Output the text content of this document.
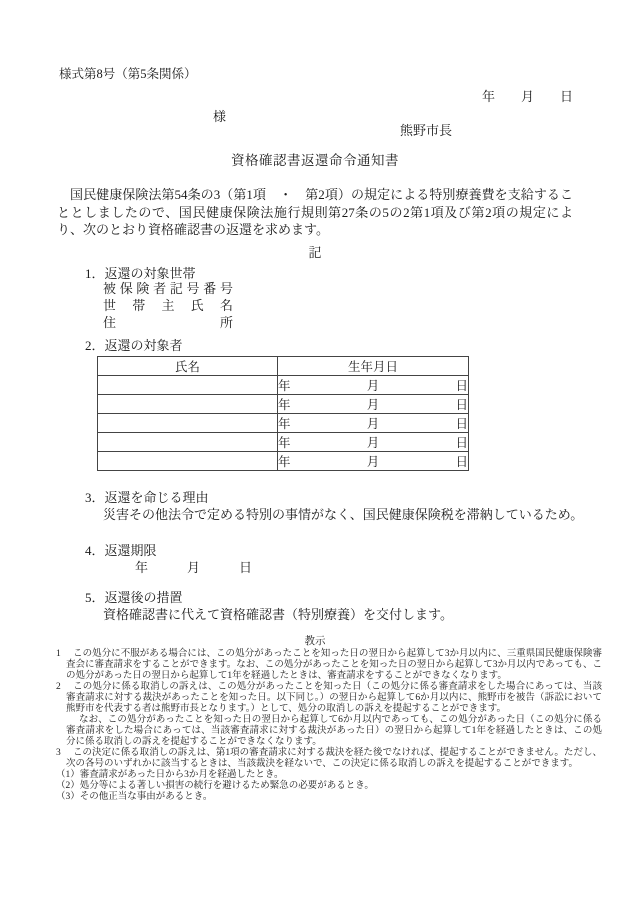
様式第8号（第5条関係）
年　　月　　日
様
熊野市長
資格確認書返還命令通知書
国民健康保険法第54条の3（第1項　・　第2項）の規定による特別療養費を支給することとしましたので、国民健康保険法施行規則第27条の5の2第1項及び第2項の規定により、次のとおり資格確認書の返還を求めます。
記
1．返還の対象世帯
被保険者記号番号
世帯主氏名
住所
2．返還の対象者
氏名	生年月日

	年 月 日

	年 月 日

	年 月 日

	年 月 日

	年 月 日
3．返還を命じる理由
災害その他法令で定める特別の事情がなく、国民健康保険税を滞納しているため。
4．返還期限
年　　　月　　　日
5．返還後の措置
資格確認書に代えて資格確認書（特別療養）を交付します。
教示
1 この処分に不服がある場合には、この処分があったことを知った日の翌日から起算して3か月以内に、三重県国民健康保険審査会に審査請求をすることができます。なお、この処分があったことを知った日の翌日から起算して3か月以内であっても、この処分があった日の翌日から起算して1年を経過したときは、審査請求をすることができなくなります。
2 この処分に係る取消しの訴えは、この処分があったことを知った日（この処分に係る審査請求をした場合にあっては、当該審査請求に対する裁決があったことを知った日。以下同じ。）の翌日から起算して6か月以内に、熊野市を被告（訴訟において熊野市を代表する者は熊野市長となります。）として、処分の取消しの訴えを提起することができます。
なお、この処分があったことを知った日の翌日から起算して6か月以内であっても、この処分があった日（この処分に係る審査請求をした場合にあっては、当該審査請求に対する裁決があった日）の翌日から起算して1年を経過したときは、この処分に係る取消しの訴えを提起することができなくなります。
3 この決定に係る取消しの訴えは、第1項の審査請求に対する裁決を経た後でなければ、提起することができません。ただし、次の各号のいずれかに該当するときは、当該裁決を経ないで、この決定に係る取消しの訴えを提起することができます。
（1）審査請求があった日から3か月を経過したとき。
（2）処分等による著しい損害の続行を避けるため緊急の必要があるとき。
（3）その他正当な事由があるとき。
